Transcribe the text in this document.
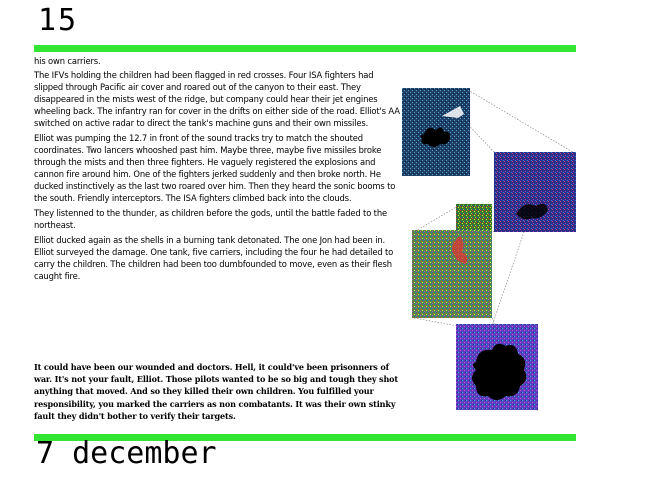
15

his own carriers.

The IFVs holding the children had been flagged in red crosses. Four ISA fighters had slipped through Pacific air cover and roared out of the canyon to their east. They disappeared in the mists west of the ridge, but company could hear their jet engines wheeling back. The infantry ran for cover in the drifts on either side of the road. Elliot's AA switched on active radar to direct the tank's machine guns and their own missiles.

Elliot was pumping the 12.7 in front of the sound tracks try to match the shouted coordinates. Two lancers whooshed past him. Maybe three, maybe five missiles broke through the mists and then three fighters. He vaguely registered the explosions and cannon fire around him. One of the fighters jerked suddenly and then broke north. He ducked instinctively as the last two roared over him. Then they heard the sonic booms to the south. Friendly interceptors. The ISA fighters climbed back into the clouds.

They listenned to the thunder, as children before the gods, until the battle faded to the northeast.

Elliot ducked again as the shells in a burning tank detonated. The one Jon had been in. Elliot surveyed the damage. One tank, five carriers, including the four he had detailed to carry the children. The children had been too dumbfounded to move, even as their flesh caught fire.

It could have been our wounded and doctors. Hell, it could've been prisonners of war. It's not your fault, Elliot. Those pilots wanted to be so big and tough they shot anything that moved. And so they killed their own children. You fulfilled your responsibility, you marked the carriers as non combatants. It was their own stinky fault they didn't bother to verify their targets.

7 december
